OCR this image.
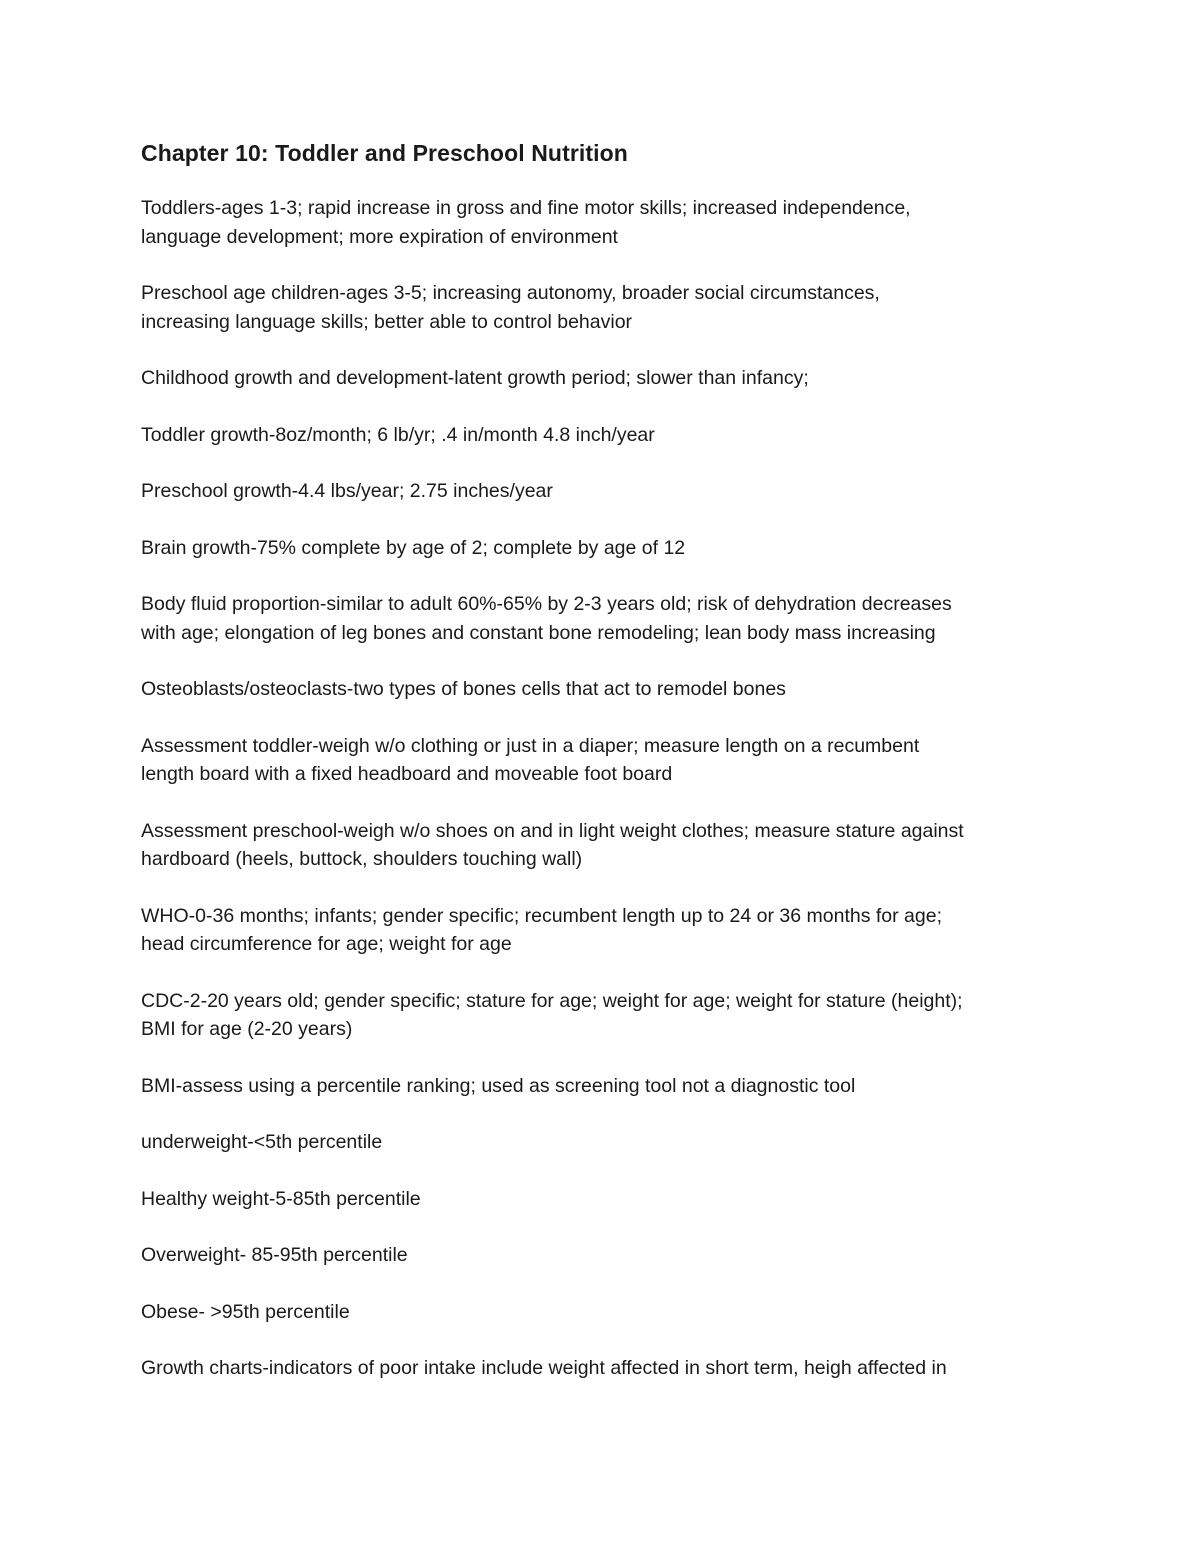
Chapter 10: Toddler and Preschool Nutrition
Toddlers-ages 1-3; rapid increase in gross and fine motor skills; increased independence,
language development; more expiration of environment
Preschool age children-ages 3-5; increasing autonomy, broader social circumstances,
increasing language skills; better able to control behavior
Childhood growth and development-latent growth period; slower than infancy;
Toddler growth-8oz/month; 6 lb/yr; .4 in/month 4.8 inch/year
Preschool growth-4.4 lbs/year; 2.75 inches/year
Brain growth-75% complete by age of 2; complete by age of 12
Body fluid proportion-similar to adult 60%-65% by 2-3 years old; risk of dehydration decreases
with age; elongation of leg bones and constant bone remodeling; lean body mass increasing
Osteoblasts/osteoclasts-two types of bones cells that act to remodel bones
Assessment toddler-weigh w/o clothing or just in a diaper; measure length on a recumbent
length board with a fixed headboard and moveable foot board
Assessment preschool-weigh w/o shoes on and in light weight clothes; measure stature against
hardboard (heels, buttock, shoulders touching wall)
WHO-0-36 months; infants; gender specific; recumbent length up to 24 or 36 months for age;
head circumference for age; weight for age
CDC-2-20 years old; gender specific; stature for age; weight for age; weight for stature (height);
BMI for age (2-20 years)
BMI-assess using a percentile ranking; used as screening tool not a diagnostic tool
underweight-<5th percentile
Healthy weight-5-85th percentile
Overweight- 85-95th percentile
Obese- >95th percentile
Growth charts-indicators of poor intake include weight affected in short term, heigh affected in
